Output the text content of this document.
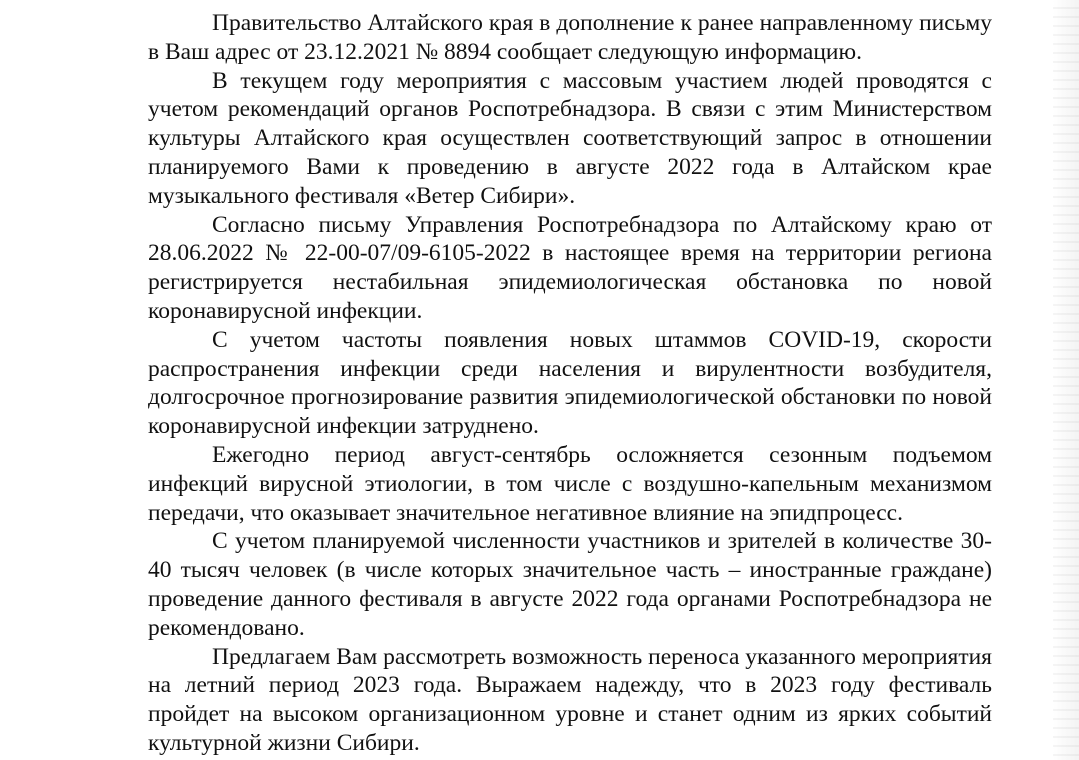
Правительство Алтайского края в дополнение к ранее направленному письму в Ваш адрес от 23.12.2021 № 8894 сообщает следующую информацию.

В текущем году мероприятия с массовым участием людей проводятся с учетом рекомендаций органов Роспотребнадзора. В связи с этим Министерством культуры Алтайского края осуществлен соответствующий запрос в отношении планируемого Вами к проведению в августе 2022 года в Алтайском крае музыкального фестиваля «Ветер Сибири».

Согласно письму Управления Роспотребнадзора по Алтайскому краю от 28.06.2022 № 22-00-07/09-6105-2022 в настоящее время на территории региона регистрируется нестабильная эпидемиологическая обстановка по новой коронавирусной инфекции.

С учетом частоты появления новых штаммов COVID-19, скорости распространения инфекции среди населения и вирулентности возбудителя, долгосрочное прогнозирование развития эпидемиологической обстановки по новой коронавирусной инфекции затруднено.

Ежегодно период август-сентябрь осложняется сезонным подъемом инфекций вирусной этиологии, в том числе с воздушно-капельным механизмом передачи, что оказывает значительное негативное влияние на эпидпроцесс.

С учетом планируемой численности участников и зрителей в количестве 30-40 тысяч человек (в числе которых значительное часть – иностранные граждане) проведение данного фестиваля в августе 2022 года органами Роспотребнадзора не рекомендовано.

Предлагаем Вам рассмотреть возможность переноса указанного мероприятия на летний период 2023 года. Выражаем надежду, что в 2023 году фестиваль пройдет на высоком организационном уровне и станет одним из ярких событий культурной жизни Сибири.
